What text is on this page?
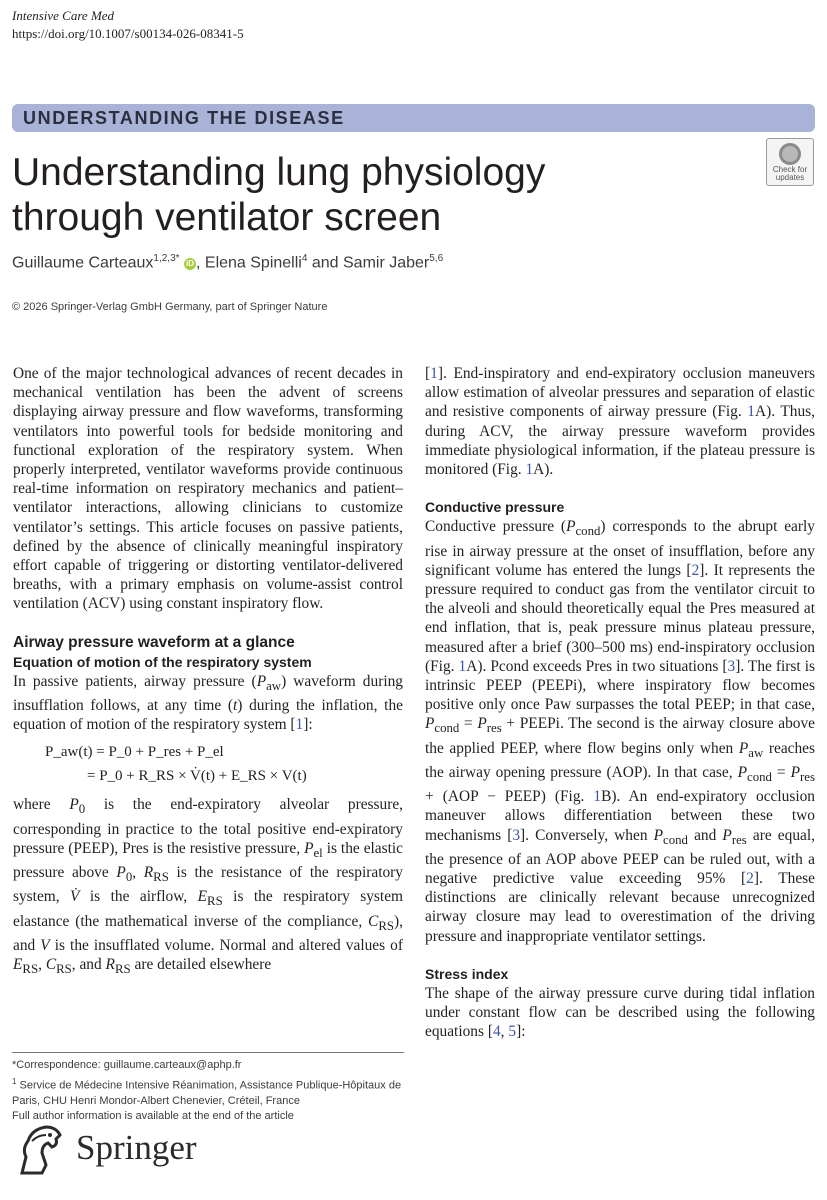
Intensive Care Med
https://doi.org/10.1007/s00134-026-08341-5
UNDERSTANDING THE DISEASE
Understanding lung physiology
through ventilator screen
Check for
updates
Guillaume Carteaux$^{1,2,3*}$ iD , Elena Spinelli$^4$ and Samir Jaber$^{5,6}$
© 2026 Springer-Verlag GmbH Germany, part of Springer Nature

One of the major technological advances of recent decades in mechanical ventilation has been the advent of screens displaying airway pressure and flow waveforms, transforming ventilators into powerful tools for bedside monitoring and functional exploration of the respiratory system. When properly interpreted, ventilator waveforms provide continuous real-time information on respiratory mechanics and patient–ventilator interactions, allowing clinicians to customize ventilator’s settings. This article focuses on passive patients, defined by the absence of clinically meaningful inspiratory effort capable of triggering or distorting ventilator-delivered breaths, with a primary emphasis on volume-assist control ventilation (ACV) using constant inspiratory flow.

Airway pressure waveform at a glance
Equation of motion of the respiratory system

In passive patients, airway pressure $(P_{aw})$ waveform during insufflation follows, at any time (t) during the inflation, the equation of motion of the respiratory system [1]:

P_aw(t) = P_0 + P_res + P_el
= P_0 + R_RS × V̇(t) + E_RS × V(t)

where $P_0$ is the end-expiratory alveolar pressure, corresponding in practice to the total positive end-expiratory pressure (PEEP), Pres is the resistive pressure, $P_{el}$ is the elastic pressure above $P_0$, $R_{RS}$ is the resistance of the respiratory system, V̇ is the airflow, $E_{RS}$ is the respiratory system elastance (the mathematical inverse of the compliance, $C_{RS}$), and V is the insufflated volume. Normal and altered values of $E_{RS}$, $C_{RS}$, and $R_{RS}$ are detailed elsewhere

[1]. End-inspiratory and end-expiratory occlusion maneuvers allow estimation of alveolar pressures and separation of elastic and resistive components of airway pressure (Fig. 1A). Thus, during ACV, the airway pressure waveform provides immediate physiological information, if the plateau pressure is monitored (Fig. 1A).

Conductive pressure

Conductive pressure $(P_{cond})$ corresponds to the abrupt early rise in airway pressure at the onset of insufflation, before any significant volume has entered the lungs [2]. It represents the pressure required to conduct gas from the ventilator circuit to the alveoli and should theoretically equal the Pres measured at end inflation, that is, peak pressure minus plateau pressure, measured after a brief (300–500 ms) end-inspiratory occlusion (Fig. 1A). Pcond exceeds Pres in two situations [3]. The first is intrinsic PEEP (PEEPi), where inspiratory flow becomes positive only once Paw surpasses the total PEEP; in that case, $P_{cond} = P_{res}$ + PEEPi. The second is the airway closure above the applied PEEP, where flow begins only when $P_{aw}$ reaches the airway opening pressure (AOP). In that case, $P_{cond} = P_{res} + (AOP$ − PEEP) (Fig. 1B). An end-expiratory occlusion maneuver allows differentiation between these two mechanisms [3]. Conversely, when $P_{cond}$ and $P_{res}$ are equal, the presence of an AOP above PEEP can be ruled out, with a negative predictive value exceeding 95% [2]. These distinctions are clinically relevant because unrecognized airway closure may lead to overestimation of the driving pressure and inappropriate ventilator settings.

Stress index

The shape of the airway pressure curve during tidal inflation under constant flow can be described using the following equations [4, 5]:

*Correspondence: guillaume.carteaux@aphp.fr
$^1$ Service de Médecine Intensive Réanimation, Assistance Publique-Hôpitaux de Paris, CHU Henri Mondor-Albert Chenevier, Créteil, France
Full author information is available at the end of the article
Springer
